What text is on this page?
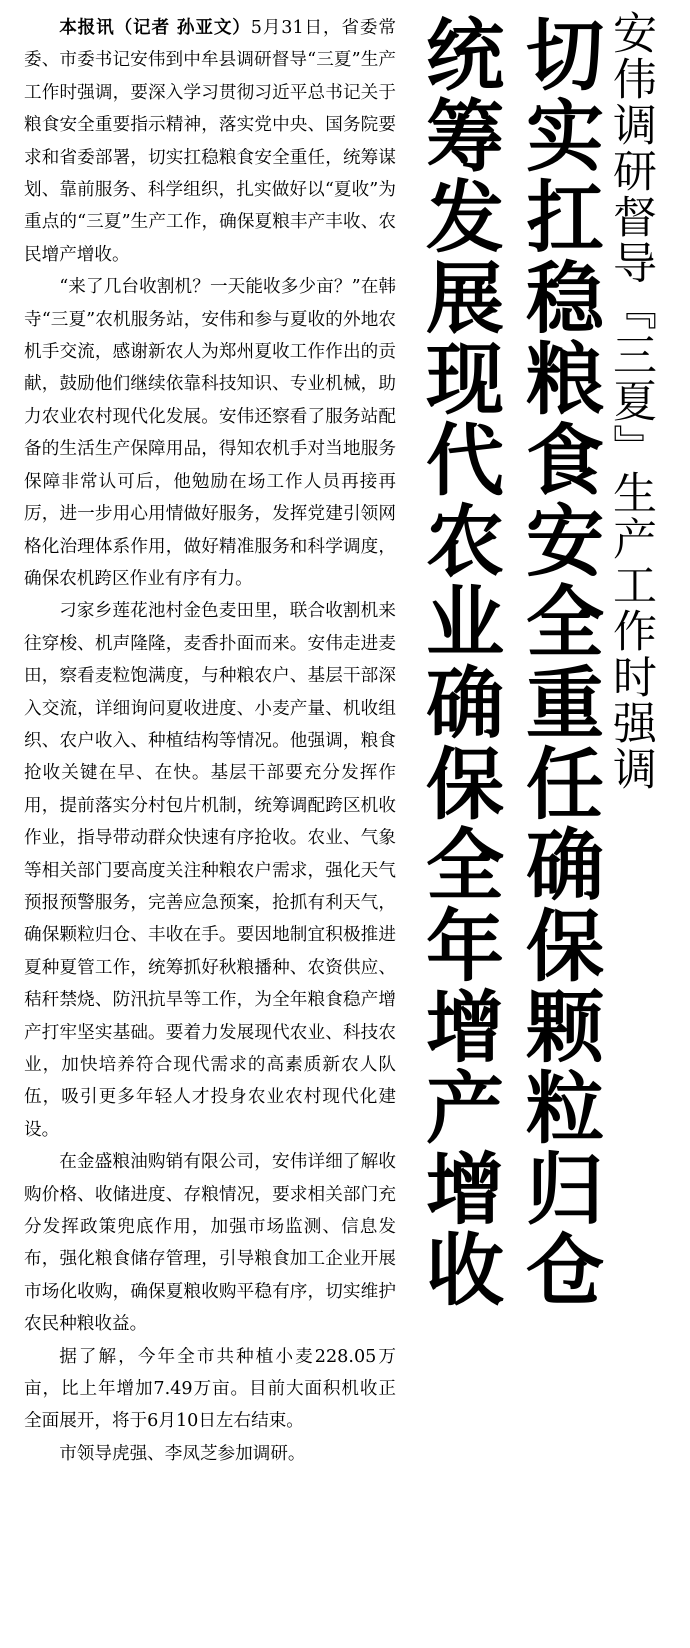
本报讯（记者 孙亚文）5月31日，省委常委、市委书记安伟到中牟县调研督导“三夏”生产工作时强调，要深入学习贯彻习近平总书记关于粮食安全重要指示精神，落实党中央、国务院要求和省委部署，切实扛稳粮食安全重任，统筹谋划、靠前服务、科学组织，扎实做好以“夏收”为重点的“三夏”生产工作，确保夏粮丰产丰收、农民增产增收。

“来了几台收割机？一天能收多少亩？”在韩寺“三夏”农机服务站，安伟和参与夏收的外地农机手交流，感谢新农人为郑州夏收工作作出的贡献，鼓励他们继续依靠科技知识、专业机械，助力农业农村现代化发展。安伟还察看了服务站配备的生活生产保障用品，得知农机手对当地服务保障非常认可后，他勉励在场工作人员再接再厉，进一步用心用情做好服务，发挥党建引领网格化治理体系作用，做好精准服务和科学调度，确保农机跨区作业有序有力。

刁家乡莲花池村金色麦田里，联合收割机来往穿梭、机声隆隆，麦香扑面而来。安伟走进麦田，察看麦粒饱满度，与种粮农户、基层干部深入交流，详细询问夏收进度、小麦产量、机收组织、农户收入、种植结构等情况。他强调，粮食抢收关键在早、在快。基层干部要充分发挥作用，提前落实分村包片机制，统筹调配跨区机收作业，指导带动群众快速有序抢收。农业、气象等相关部门要高度关注种粮农户需求，强化天气预报预警服务，完善应急预案，抢抓有利天气，确保颗粒归仓、丰收在手。要因地制宜积极推进夏种夏管工作，统筹抓好秋粮播种、农资供应、秸秆禁烧、防汛抗旱等工作，为全年粮食稳产增产打牢坚实基础。要着力发展现代农业、科技农业，加快培养符合现代需求的高素质新农人队伍，吸引更多年轻人才投身农业农村现代化建设。

在金盛粮油购销有限公司，安伟详细了解收购价格、收储进度、存粮情况，要求相关部门充分发挥政策兜底作用，加强市场监测、信息发布，强化粮食储存管理，引导粮食加工企业开展市场化收购，确保夏粮收购平稳有序，切实维护农民种粮收益。

据了解，今年全市共种植小麦228.05万亩，比上年增加7.49万亩。目前大面积机收正全面展开，将于6月10日左右结束。

市领导虎强、李凤芝参加调研。

统筹发展现代农业确保全年增产增收 切实扛稳粮食安全重任确保颗粒归仓 安伟调研督导『三夏』生产工作时强调
